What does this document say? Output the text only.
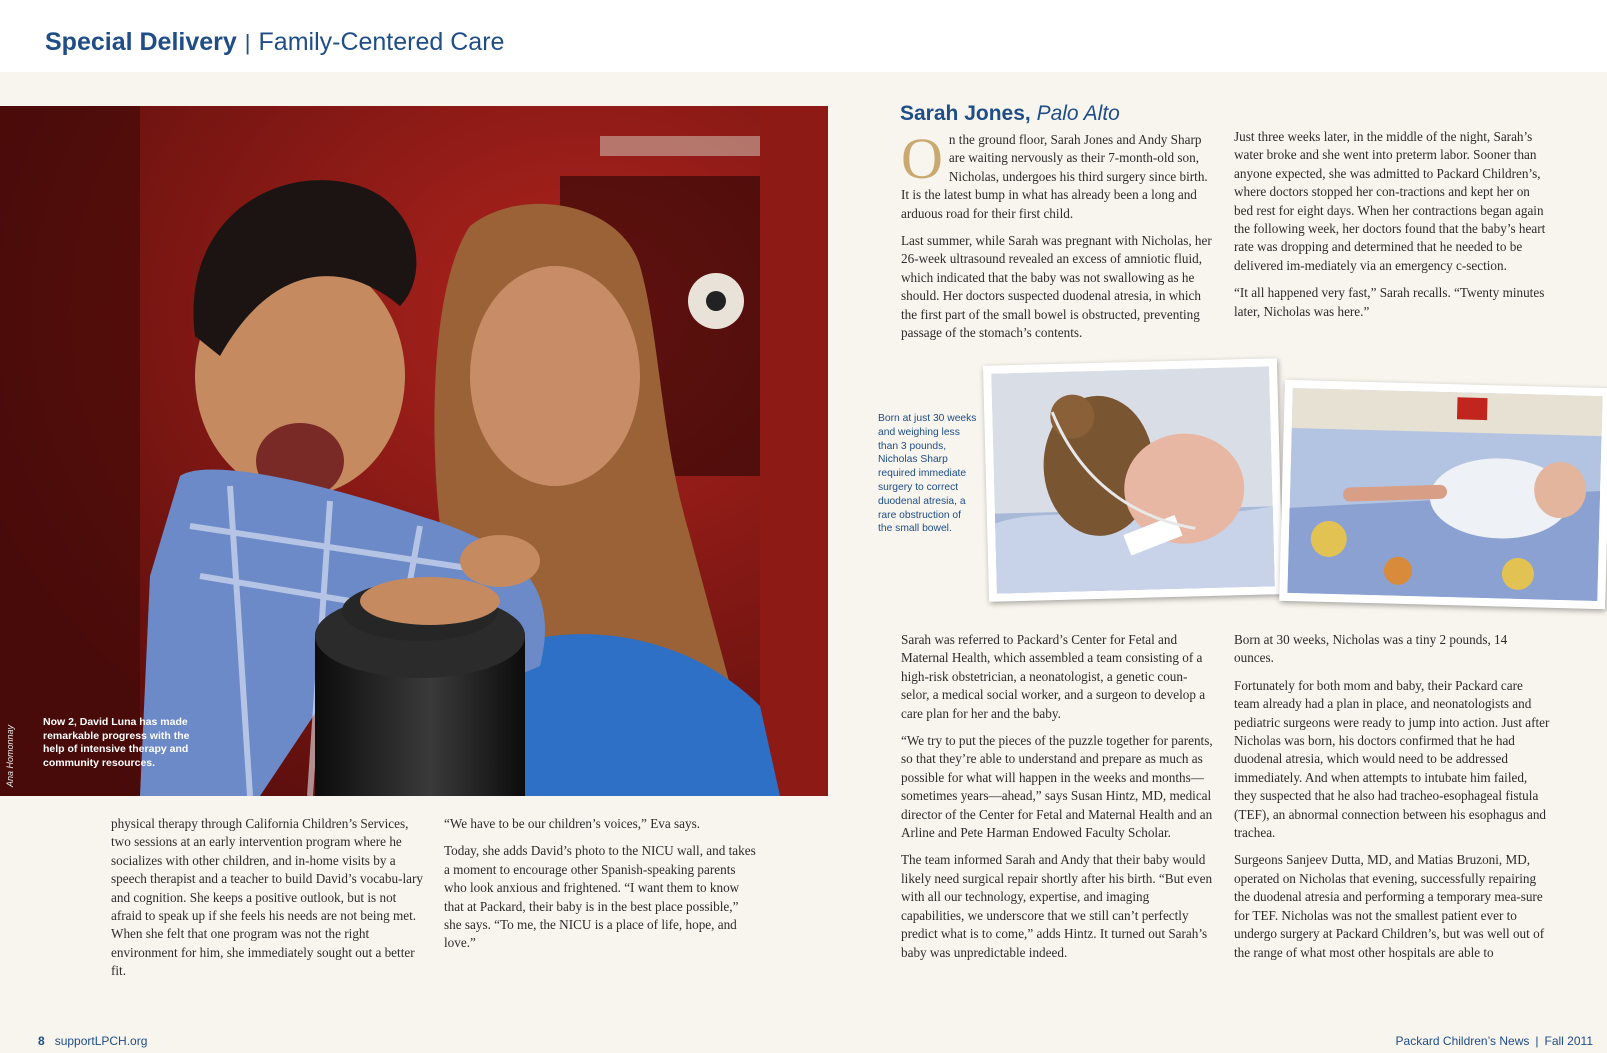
Special Delivery | Family-Centered Care

Now 2, David Luna has made remarkable progress with the help of intensive therapy and community resources.

Ana Homonnay

physical therapy through California Children’s Services, two sessions at an early intervention program where he socializes with other children, and in-home visits by a speech therapist and a teacher to build David’s vocabu-lary and cognition. She keeps a positive outlook, but is not afraid to speak up if she feels his needs are not being met. When she felt that one program was not the right environment for him, she immediately sought out a better fit.

“We have to be our children’s voices,” Eva says.

Today, she adds David’s photo to the NICU wall, and takes a moment to encourage other Spanish-speaking parents who look anxious and frightened. “I want them to know that at Packard, their baby is in the best place possible,” she says. “To me, the NICU is a place of life, hope, and love.”

Sarah Jones, Palo Alto

On the ground floor, Sarah Jones and Andy Sharp are waiting nervously as their 7-month-old son, Nicholas, undergoes his third surgery since birth. It is the latest bump in what has already been a long and arduous road for their first child.

Last summer, while Sarah was pregnant with Nicholas, her 26-week ultrasound revealed an excess of amniotic fluid, which indicated that the baby was not swallowing as he should. Her doctors suspected duodenal atresia, in which the first part of the small bowel is obstructed, preventing passage of the stomach’s contents.

Just three weeks later, in the middle of the night, Sarah’s water broke and she went into preterm labor. Sooner than anyone expected, she was admitted to Packard Children’s, where doctors stopped her con-tractions and kept her on bed rest for eight days. When her contractions began again the following week, her doctors found that the baby’s heart rate was dropping and determined that he needed to be delivered im-mediately via an emergency c-section.

“It all happened very fast,” Sarah recalls. “Twenty minutes later, Nicholas was here.”

Born at just 30 weeks and weighing less than 3 pounds, Nicholas Sharp required immediate surgery to correct duodenal atresia, a rare obstruction of the small bowel.

Sarah was referred to Packard’s Center for Fetal and Maternal Health, which assembled a team consisting of a high-risk obstetrician, a neonatologist, a genetic coun-selor, a medical social worker, and a surgeon to develop a care plan for her and the baby.

“We try to put the pieces of the puzzle together for parents, so that they’re able to understand and prepare as much as possible for what will happen in the weeks and months—sometimes years—ahead,” says Susan Hintz, MD, medical director of the Center for Fetal and Maternal Health and an Arline and Pete Harman Endowed Faculty Scholar.

The team informed Sarah and Andy that their baby would likely need surgical repair shortly after his birth. “But even with all our technology, expertise, and imaging capabilities, we underscore that we still can’t perfectly predict what is to come,” adds Hintz. It turned out Sarah’s baby was unpredictable indeed.

Born at 30 weeks, Nicholas was a tiny 2 pounds, 14 ounces.

Fortunately for both mom and baby, their Packard care team already had a plan in place, and neonatologists and pediatric surgeons were ready to jump into action. Just after Nicholas was born, his doctors confirmed that he had duodenal atresia, which would need to be addressed immediately. And when attempts to intubate him failed, they suspected that he also had tracheo-esophageal fistula (TEF), an abnormal connection between his esophagus and trachea.

Surgeons Sanjeev Dutta, MD, and Matias Bruzoni, MD, operated on Nicholas that evening, successfully repairing the duodenal atresia and performing a temporary mea-sure for TEF. Nicholas was not the smallest patient ever to undergo surgery at Packard Children’s, but was well out of the range of what most other hospitals are able to

8 supportLPCH.org	Packard Children’s News | Fall 2011
